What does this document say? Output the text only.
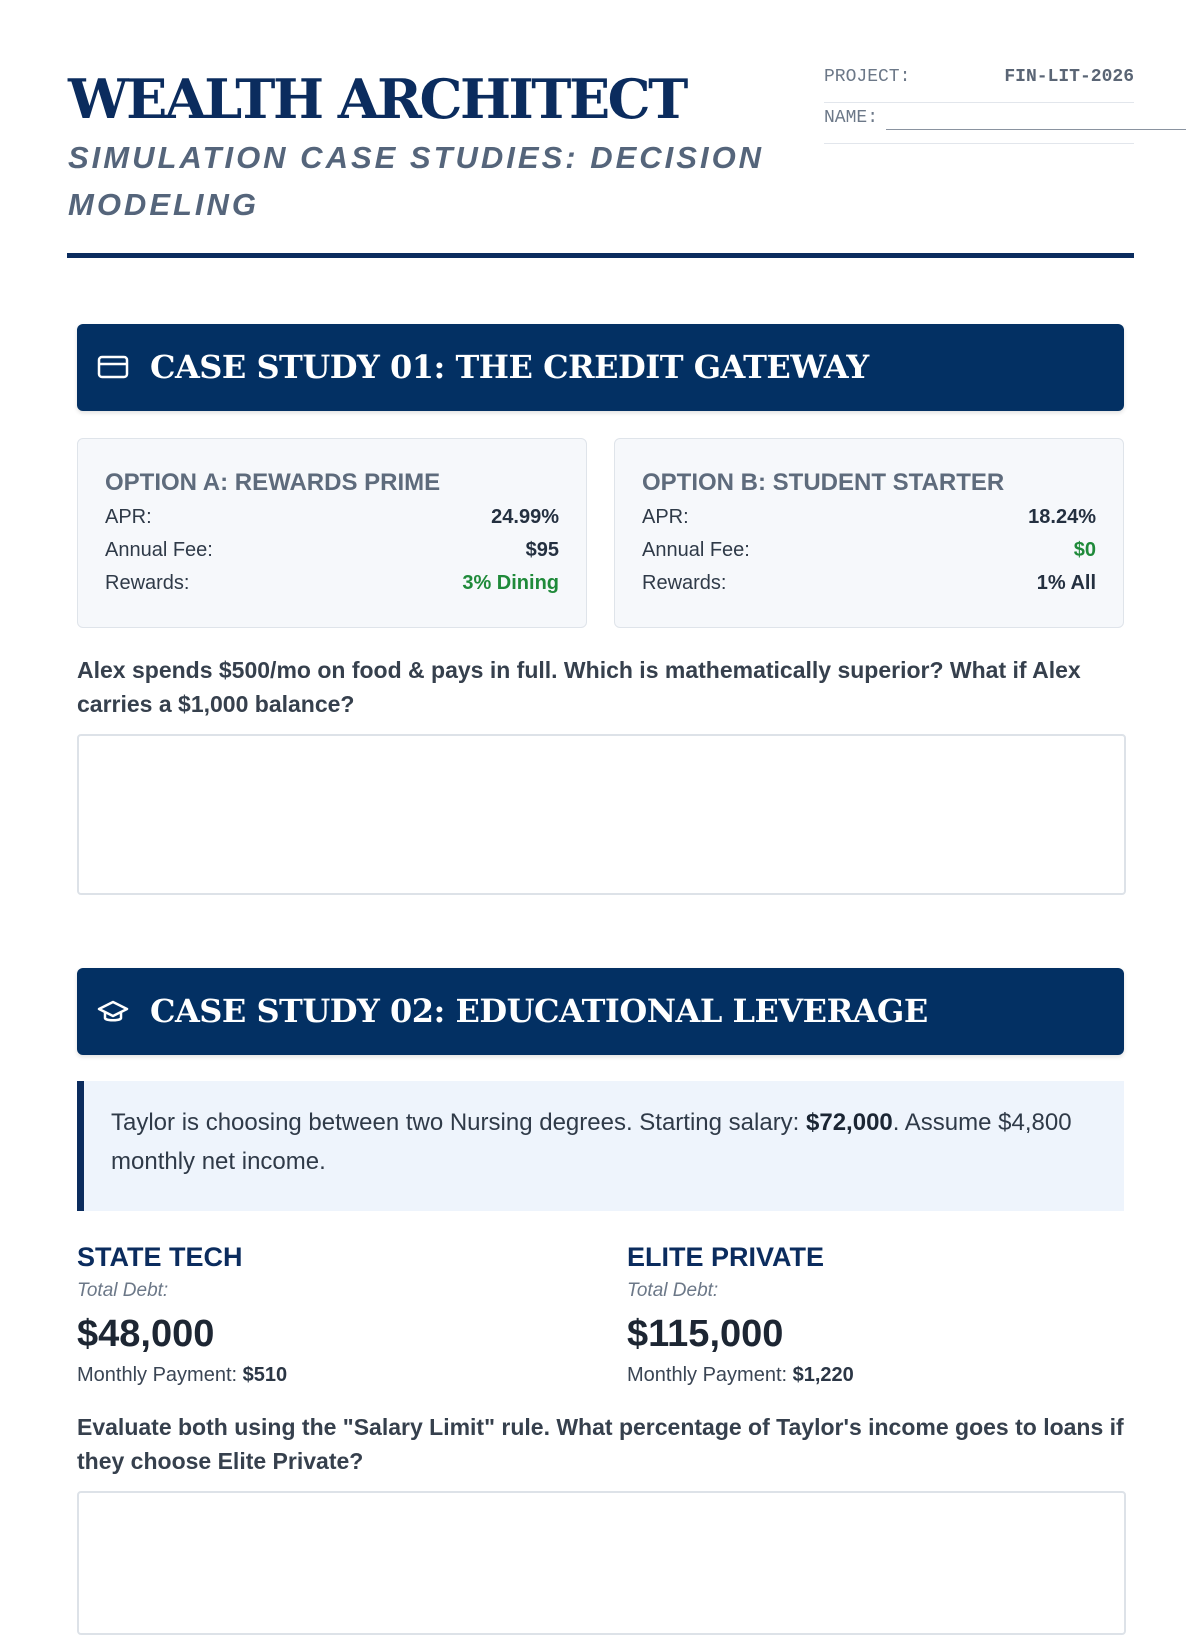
WEALTH ARCHITECT
SIMULATION CASE STUDIES: DECISION MODELING
PROJECT:	FIN-LIT-2026
NAME:
CASE STUDY 01: THE CREDIT GATEWAY
OPTION A: REWARDS PRIME
APR:	24.99%
Annual Fee:	$95
Rewards:	3% Dining
OPTION B: STUDENT STARTER
APR:	18.24%
Annual Fee:	$0
Rewards:	1% All
Alex spends $500/mo on food & pays in full. Which is mathematically superior? What if Alex carries a $1,000 balance?
CASE STUDY 02: EDUCATIONAL LEVERAGE
Taylor is choosing between two Nursing degrees. Starting salary: $72,000. Assume $4,800 monthly net income.
STATE TECH
Total Debt:
$48,000
Monthly Payment: $510
ELITE PRIVATE
Total Debt:
$115,000
Monthly Payment: $1,220
Evaluate both using the "Salary Limit" rule. What percentage of Taylor's income goes to loans if they choose Elite Private?
